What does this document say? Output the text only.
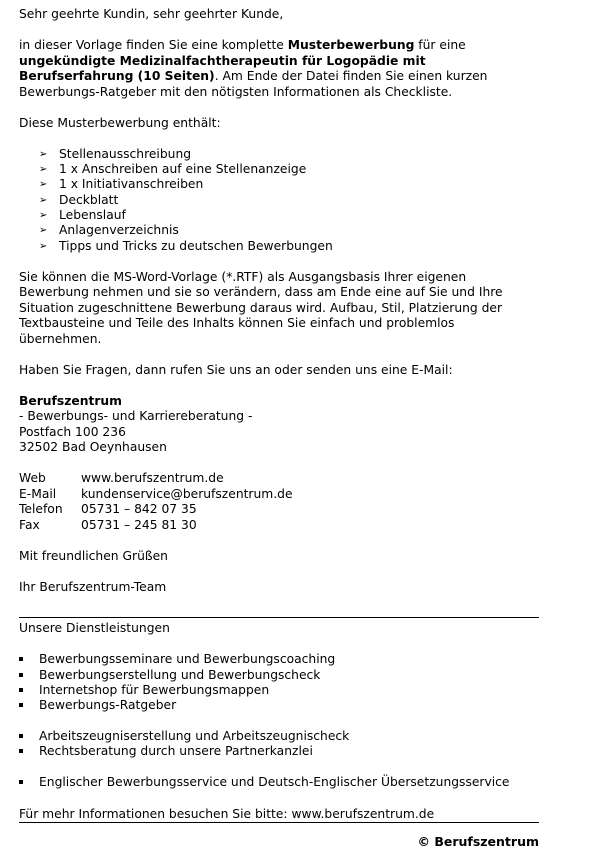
Sehr geehrte Kundin, sehr geehrter Kunde,

in dieser Vorlage finden Sie eine komplette Musterbewerbung für eine ungekündigte Medizinalfachtherapeutin für Logopädie mit Berufserfahrung (10 Seiten). Am Ende der Datei finden Sie einen kurzen Bewerbungs-Ratgeber mit den nötigsten Informationen als Checkliste.

Diese Musterbewerbung enthält:

➢ Stellenausschreibung
➢ 1 x Anschreiben auf eine Stellenanzeige
➢ 1 x Initiativanschreiben
➢ Deckblatt
➢ Lebenslauf
➢ Anlagenverzeichnis
➢ Tipps und Tricks zu deutschen Bewerbungen

Sie können die MS-Word-Vorlage (*.RTF) als Ausgangsbasis Ihrer eigenen Bewerbung nehmen und sie so verändern, dass am Ende eine auf Sie und Ihre Situation zugeschnittene Bewerbung daraus wird. Aufbau, Stil, Platzierung der Textbausteine und Teile des Inhalts können Sie einfach und problemlos übernehmen.

Haben Sie Fragen, dann rufen Sie uns an oder senden uns eine E-Mail:

Berufszentrum

- Bewerbungs- und Karriereberatung -

Postfach 100 236

32502 Bad Oeynhausen

Web	www.berufszentrum.de
E-Mail	kundenservice@berufszentrum.de
Telefon	05731 – 842 07 35
Fax	05731 – 245 81 30

Mit freundlichen Grüßen

Ihr Berufszentrum-Team

Unsere Dienstleistungen

Bewerbungsseminare und Bewerbungscoaching
Bewerbungserstellung und Bewerbungscheck
Internetshop für Bewerbungsmappen
Bewerbungs-Ratgeber
Arbeitszeugniserstellung und Arbeitszeugnischeck
Rechtsberatung durch unsere Partnerkanzlei
Englischer Bewerbungsservice und Deutsch-Englischer Übersetzungsservice

Für mehr Informationen besuchen Sie bitte: www.berufszentrum.de

© Berufszentrum
